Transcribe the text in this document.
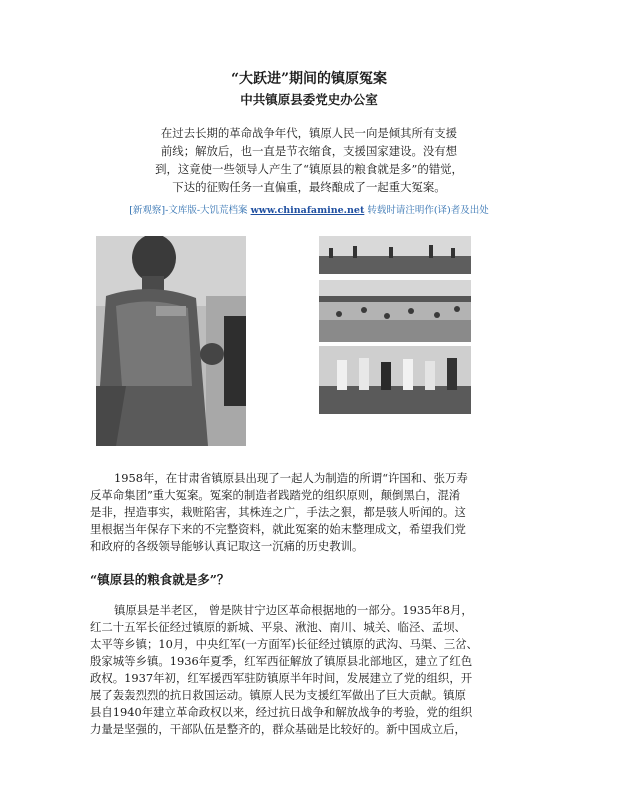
“大跃进”期间的镇原冤案
中共镇原县委党史办公室
在过去长期的革命战争年代，镇原人民一向是倾其所有支援
前线；解放后，也一直是节衣缩食，支援国家建设。没有想
到，这竟使一些领导人产生了“镇原县的粮食就是多”的错觉，
下达的征购任务一直偏重，最终酿成了一起重大冤案。
[新观察]-文库版-大饥荒档案 www.chinafamine.net 转载时请注明作(译)者及出处
1958年，在甘肃省镇原县出现了一起人为制造的所谓“许国和、张万寿
反革命集团”重大冤案。冤案的制造者践踏党的组织原则，颠倒黑白，混淆
是非，捏造事实，栽赃陷害，其株连之广，手法之狠，都是骇人听闻的。这
里根据当年保存下来的不完整资料，就此冤案的始末整理成文，希望我们党
和政府的各级领导能够认真记取这一沉痛的历史教训。
“镇原县的粮食就是多”？
镇原县是半老区， 曾是陕甘宁边区革命根据地的一部分。1935年8月，
红二十五军长征经过镇原的新城、平泉、湫池、南川、城关、临泾、孟坝、
太平等乡镇；10月，中央红军(一方面军)长征经过镇原的武沟、马渠、三岔、
殷家城等乡镇。1936年夏季，红军西征解放了镇原县北部地区，建立了红色
政权。1937年初，红军援西军驻防镇原半年时间，发展建立了党的组织，开
展了轰轰烈烈的抗日救国运动。镇原人民为支援红军做出了巨大贡献。镇原
县自1940年建立革命政权以来，经过抗日战争和解放战争的考验，党的组织
力量是坚强的，干部队伍是整齐的，群众基础是比较好的。新中国成立后，
